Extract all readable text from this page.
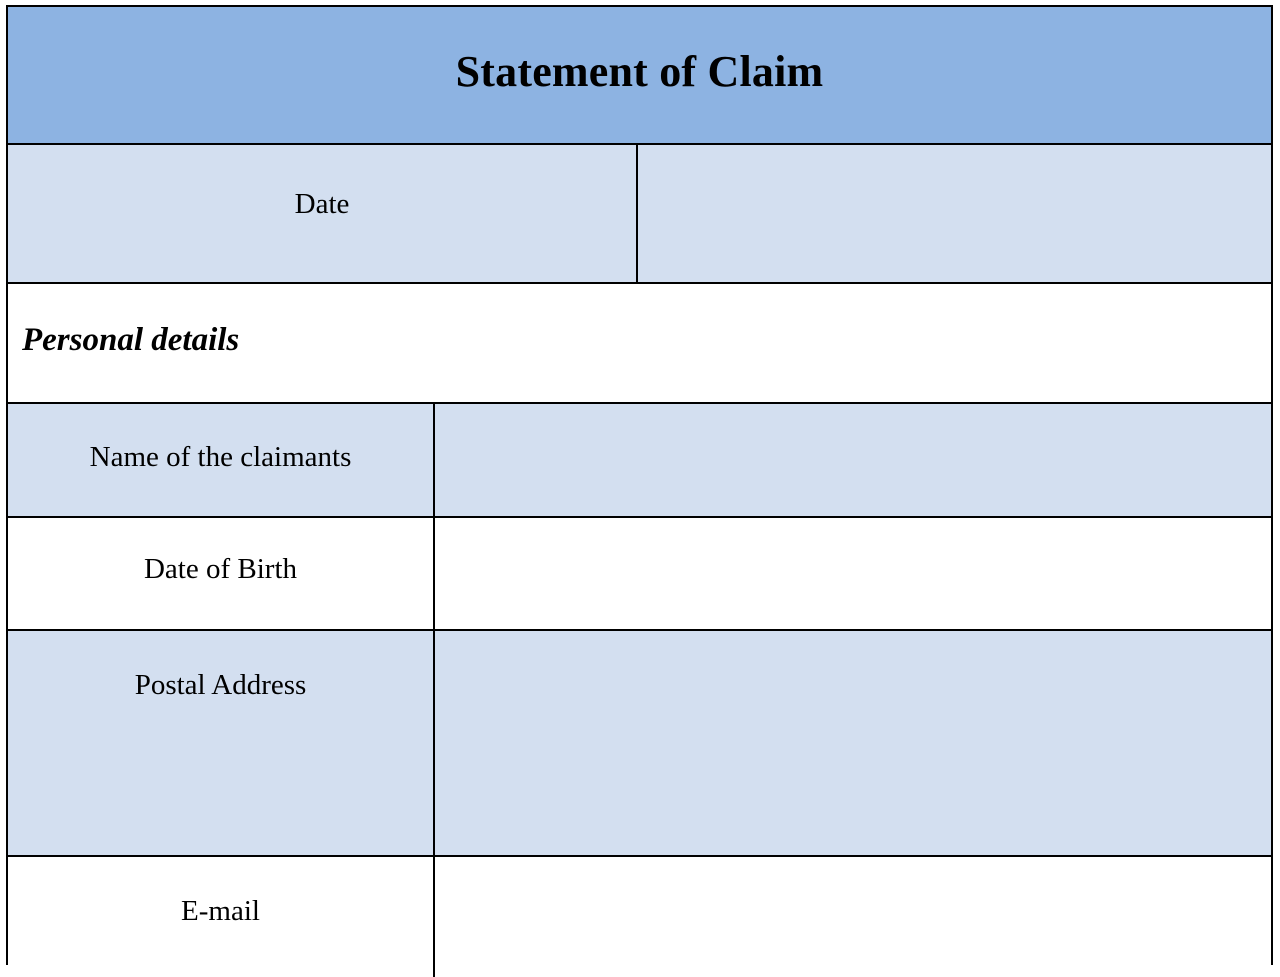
Statement of Claim
Date
Personal details
Name of the claimants
Date of Birth
Postal Address
E-mail
